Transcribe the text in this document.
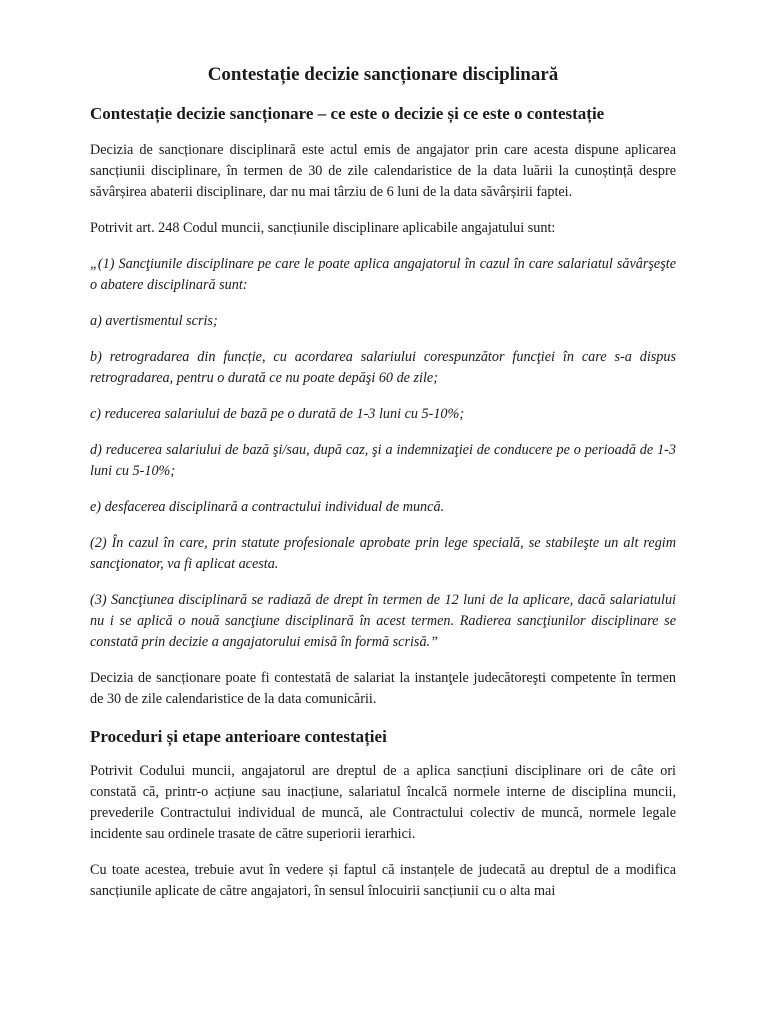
Contestație decizie sancționare disciplinară
Contestație decizie sancționare – ce este o decizie și ce este o contestație

Decizia de sancționare disciplinară este actul emis de angajator prin care acesta dispune aplicarea sancțiunii disciplinare, în termen de 30 de zile calendaristice de la data luării la cunoștință despre săvârșirea abaterii disciplinare, dar nu mai târziu de 6 luni de la data săvârșirii faptei.

Potrivit art. 248 Codul muncii, sancțiunile disciplinare aplicabile angajatului sunt:

„(1) Sancţiunile disciplinare pe care le poate aplica angajatorul în cazul în care salariatul săvârşeşte o abatere disciplinară sunt:

a) avertismentul scris;

b) retrogradarea din funcție, cu acordarea salariului corespunzător funcţiei în care s-a dispus retrogradarea, pentru o durată ce nu poate depăşi 60 de zile;

c) reducerea salariului de bază pe o durată de 1-3 luni cu 5-10%;

d) reducerea salariului de bază şi/sau, după caz, şi a indemnizaţiei de conducere pe o perioadă de 1-3 luni cu 5-10%;

e) desfacerea disciplinară a contractului individual de muncă.

(2) În cazul în care, prin statute profesionale aprobate prin lege specială, se stabileşte un alt regim sancţionator, va fi aplicat acesta.

(3) Sancţiunea disciplinară se radiază de drept în termen de 12 luni de la aplicare, dacă salariatului nu i se aplică o nouă sancţiune disciplinară în acest termen. Radierea sancţiunilor disciplinare se constată prin decizie a angajatorului emisă în formă scrisă.”

Decizia de sancționare poate fi contestată de salariat la instanţele judecătoreşti competente în termen de 30 de zile calendaristice de la data comunicării.

Proceduri și etape anterioare contestației

Potrivit Codului muncii, angajatorul are dreptul de a aplica sancțiuni disciplinare ori de câte ori constată că, printr-o acțiune sau inacțiune, salariatul încalcă normele interne de disciplina muncii, prevederile Contractului individual de muncă, ale Contractului colectiv de muncă, normele legale incidente sau ordinele trasate de către superiorii ierarhici.

Cu toate acestea, trebuie avut în vedere și faptul că instanțele de judecată au dreptul de a modifica sancțiunile aplicate de către angajatori, în sensul înlocuirii sancțiunii cu o alta mai
